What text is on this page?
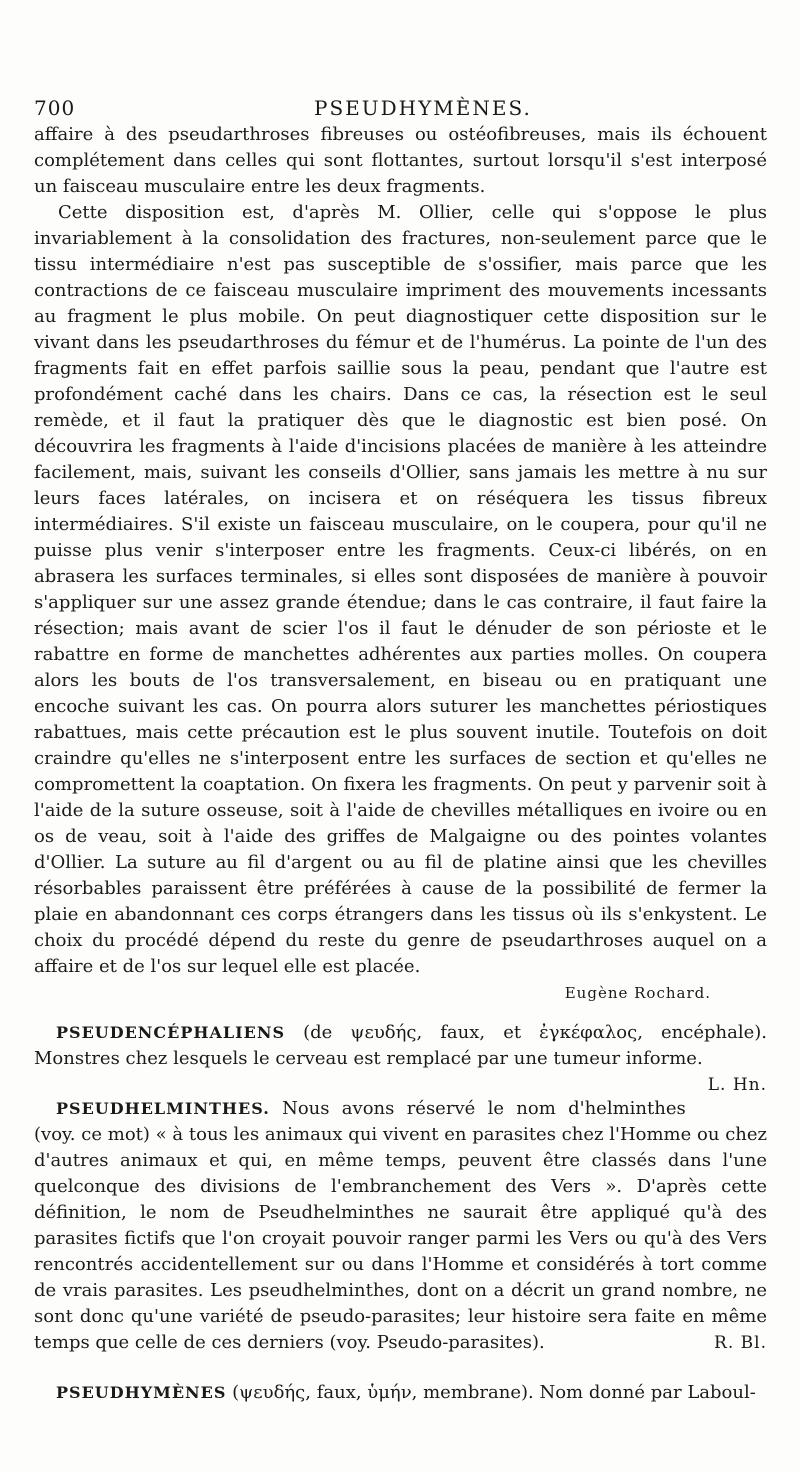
700	PSEUDHYMÈNES.

affaire à des pseudarthroses fibreuses ou ostéofibreuses, mais ils échouent complétement dans celles qui sont flottantes, surtout lorsqu'il s'est interposé un faisceau musculaire entre les deux fragments.

Cette disposition est, d'après M. Ollier, celle qui s'oppose le plus invariablement à la consolidation des fractures, non-seulement parce que le tissu intermédiaire n'est pas susceptible de s'ossifier, mais parce que les contractions de ce faisceau musculaire impriment des mouvements incessants au fragment le plus mobile. On peut diagnostiquer cette disposition sur le vivant dans les pseudarthroses du fémur et de l'humérus. La pointe de l'un des fragments fait en effet parfois saillie sous la peau, pendant que l'autre est profondément caché dans les chairs. Dans ce cas, la résection est le seul remède, et il faut la pratiquer dès que le diagnostic est bien posé. On découvrira les fragments à l'aide d'incisions placées de manière à les atteindre facilement, mais, suivant les conseils d'Ollier, sans jamais les mettre à nu sur leurs faces latérales, on incisera et on réséquera les tissus fibreux intermédiaires. S'il existe un faisceau musculaire, on le coupera, pour qu'il ne puisse plus venir s'interposer entre les fragments. Ceux-ci libérés, on en abrasera les surfaces terminales, si elles sont disposées de manière à pouvoir s'appliquer sur une assez grande étendue; dans le cas contraire, il faut faire la résection; mais avant de scier l'os il faut le dénuder de son périoste et le rabattre en forme de manchettes adhérentes aux parties molles. On coupera alors les bouts de l'os transversalement, en biseau ou en pratiquant une encoche suivant les cas. On pourra alors suturer les manchettes périostiques rabattues, mais cette précaution est le plus souvent inutile. Toutefois on doit craindre qu'elles ne s'interposent entre les surfaces de section et qu'elles ne compromettent la coaptation. On fixera les fragments. On peut y parvenir soit à l'aide de la suture osseuse, soit à l'aide de chevilles métalliques en ivoire ou en os de veau, soit à l'aide des griffes de Malgaigne ou des pointes volantes d'Ollier. La suture au fil d'argent ou au fil de platine ainsi que les chevilles résorbables paraissent être préférées à cause de la possibilité de fermer la plaie en abandonnant ces corps étrangers dans les tissus où ils s'enkystent. Le choix du procédé dépend du reste du genre de pseudarthroses auquel on a affaire et de l'os sur lequel elle est placée.

Eugène Rochard.

PSEUDENCÉPHALIENS (de ψευδής, faux, et ἐγκέφαλος, encéphale). Monstres chez lesquels le cerveau est remplacé par une tumeur informe.
L. Hn.

PSEUDHELMINTHES. Nous avons réservé le nom d'helminthes (voy. ce mot) « à tous les animaux qui vivent en parasites chez l'Homme ou chez d'autres animaux et qui, en même temps, peuvent être classés dans l'une quelconque des divisions de l'embranchement des Vers ». D'après cette définition, le nom de Pseudhelminthes ne saurait être appliqué qu'à des parasites fictifs que l'on croyait pouvoir ranger parmi les Vers ou qu'à des Vers rencontrés accidentellement sur ou dans l'Homme et considérés à tort comme de vrais parasites. Les pseudhelminthes, dont on a décrit un grand nombre, ne sont donc qu'une variété de pseudo-parasites; leur histoire sera faite en même temps que celle de ces derniers (voy. Pseudo-parasites).	R. Bl.

PSEUDHYMÈNES (ψευδής, faux, ὑμήν, membrane). Nom donné par Laboul-
